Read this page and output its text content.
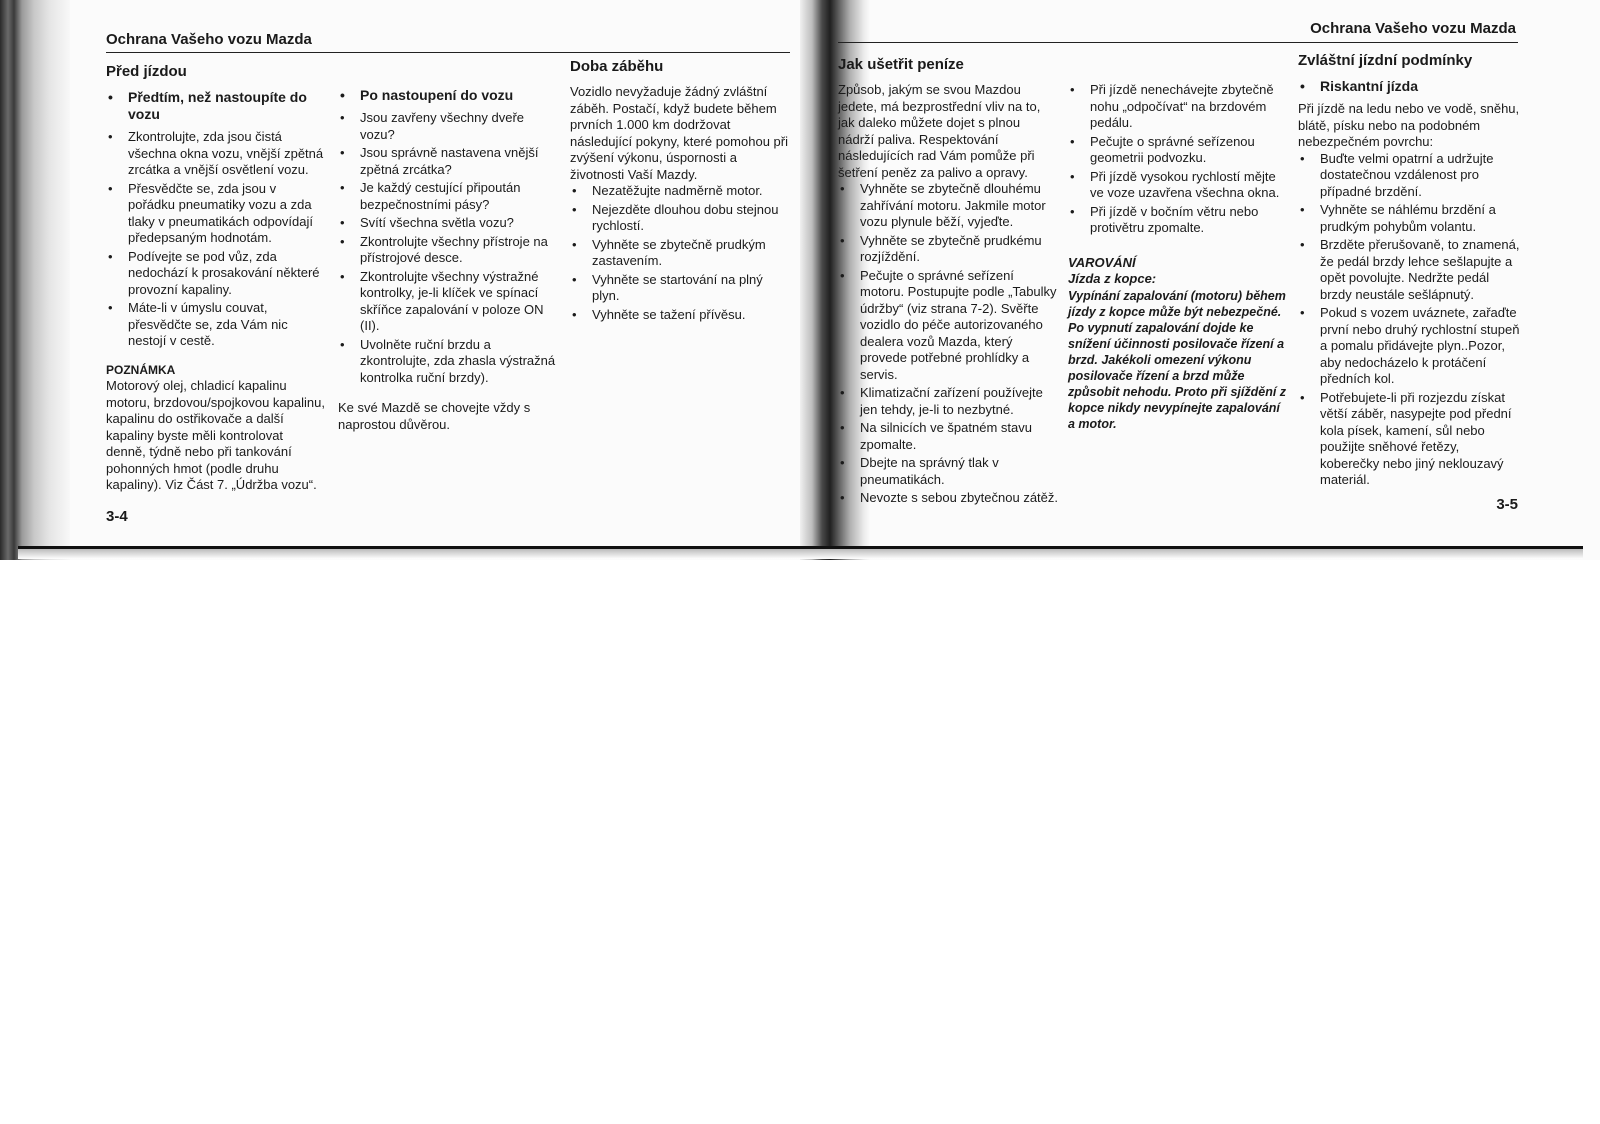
Ochrana Vašeho vozu Mazda
Před jízdou
• Předtím, než nastoupíte do vozu
• Zkontrolujte, zda jsou čistá všechna okna vozu, vnější zpětná zrcátka a vnější osvětlení vozu.
• Přesvědčte se, zda jsou v pořádku pneumatiky vozu a zda tlaky v pneumatikách odpovídají předepsaným hodnotám.
• Podívejte se pod vůz, zda nedochází k prosakování některé provozní kapaliny.
• Máte-li v úmyslu couvat, přesvědčte se, zda Vám nic nestojí v cestě.
POZNÁMKA

Motorový olej, chladicí kapalinu motoru, brzdovou/spojkovou kapalinu, kapalinu do ostřikovače a další kapaliny byste měli kontrolovat denně, týdně nebo při tankování pohonných hmot (podle druhu kapaliny). Viz Část 7. „Údržba vozu“.

• Po nastoupení do vozu
• Jsou zavřeny všechny dveře vozu?
• Jsou správně nastavena vnější zpětná zrcátka?
• Je každý cestující připoután bezpečnostními pásy?
• Svítí všechna světla vozu?
• Zkontrolujte všechny přístroje na přístrojové desce.
• Zkontrolujte všechny výstražné kontrolky, je-li klíček ve spínací skříňce zapalování v poloze ON (II).
• Uvolněte ruční brzdu a zkontrolujte, zda zhasla výstražná kontrolka ruční brzdy).

Ke své Mazdě se chovejte vždy s naprostou důvěrou.

Doba záběhu

Vozidlo nevyžaduje žádný zvláštní záběh. Postačí, když budete během prvních 1.000 km dodržovat následující pokyny, které pomohou při zvýšení výkonu, úspornosti a životnosti Vaší Mazdy.

• Nezatěžujte nadměrně motor.
• Nejezděte dlouhou dobu stejnou rychlostí.
• Vyhněte se zbytečně prudkým zastavením.
• Vyhněte se startování na plný plyn.
• Vyhněte se tažení přívěsu.
3-4
Ochrana Vašeho vozu Mazda
Jak ušetřit peníze

Způsob, jakým se svou Mazdou jedete, má bezprostřední vliv na to, jak daleko můžete dojet s plnou nádrží paliva. Respektování následujících rad Vám pomůže při šetření peněz za palivo a opravy.

• Vyhněte se zbytečně dlouhému zahřívání motoru. Jakmile motor vozu plynule běží, vyjeďte.
• Vyhněte se zbytečně prudkému rozjíždění.
• Pečujte o správné seřízení motoru. Postupujte podle „Tabulky údržby“ (viz strana 7-2). Svěřte vozidlo do péče autorizovaného dealera vozů Mazda, který provede potřebné prohlídky a servis.
• Klimatizační zařízení používejte jen tehdy, je-li to nezbytné.
• Na silnicích ve špatném stavu zpomalte.
• Dbejte na správný tlak v pneumatikách.
• Nevozte s sebou zbytečnou zátěž.
• Při jízdě nenechávejte zbytečně nohu „odpočívat“ na brzdovém pedálu.
• Pečujte o správné seřízenou geometrii podvozku.
• Při jízdě vysokou rychlostí mějte ve voze uzavřena všechna okna.
• Při jízdě v bočním větru nebo protivětru zpomalte.
VAROVÁNÍ
Jízda z kopce:

Vypínání zapalování (motoru) během jízdy z kopce může být nebezpečné. Po vypnutí zapalování dojde ke snížení účinnosti posilovače řízení a brzd. Jakékoli omezení výkonu posilovače řízení a brzd může způsobit nehodu. Proto při sjíždění z kopce nikdy nevypínejte zapalování a motor.

Zvláštní jízdní podmínky
• Riskantní jízda

Při jízdě na ledu nebo ve vodě, sněhu, blátě, písku nebo na podobném nebezpečném povrchu:

• Buďte velmi opatrní a udržujte dostatečnou vzdálenost pro případné brzdění.
• Vyhněte se náhlému brzdění a prudkým pohybům volantu.
• Brzděte přerušovaně, to znamená, že pedál brzdy lehce sešlapujte a opět povolujte. Nedržte pedál brzdy neustále sešlápnutý.
• Pokud s vozem uváznete, zařaďte první nebo druhý rychlostní stupeň a pomalu přidávejte plyn..Pozor, aby nedocházelo k protáčení předních kol.
• Potřebujete-li při rozjezdu získat větší záběr, nasypejte pod přední kola písek, kamení, sůl nebo použijte sněhové řetězy, koberečky nebo jiný neklouzavý materiál.
3-5
